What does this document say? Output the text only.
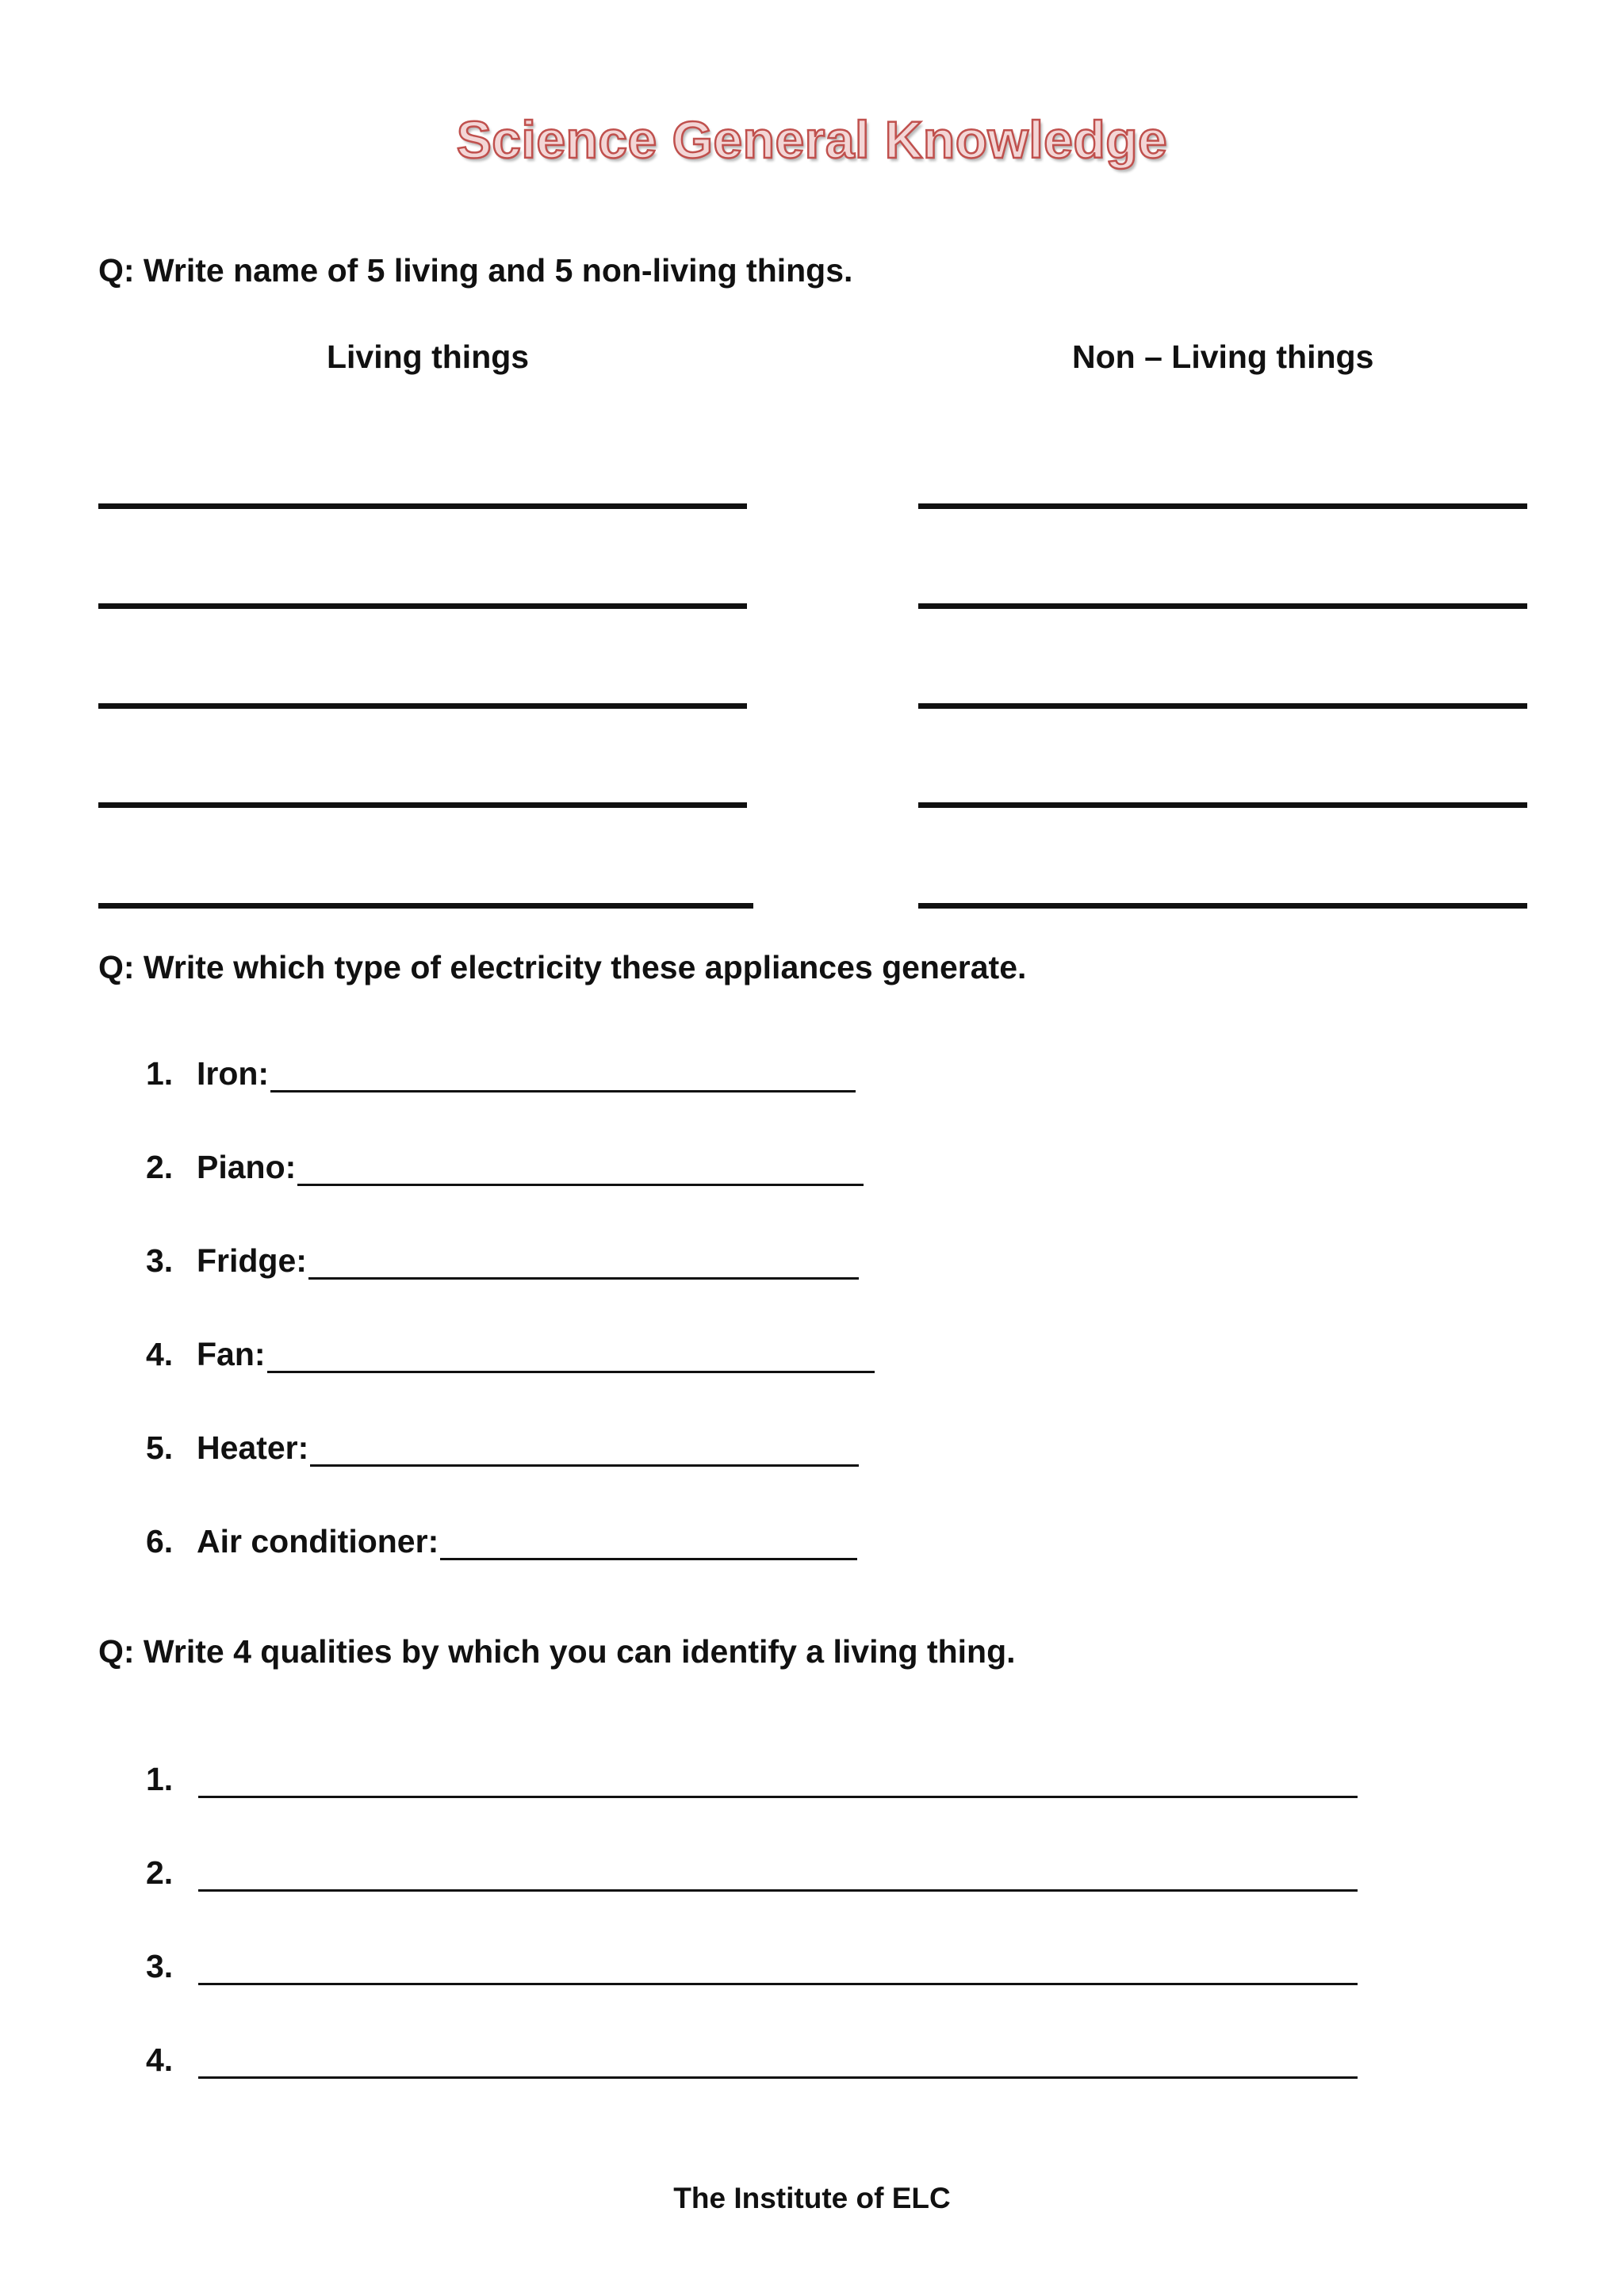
Science General Knowledge
Q: Write name of 5 living and 5 non-living things.
Living things	Non – Living things
Q: Write which type of electricity these appliances generate.
1. Iron:
2. Piano:
3. Fridge:
4. Fan:
5. Heater:
6. Air conditioner:
Q: Write 4 qualities by which you can identify a living thing.
1.
2.
3.
4.
The Institute of ELC
